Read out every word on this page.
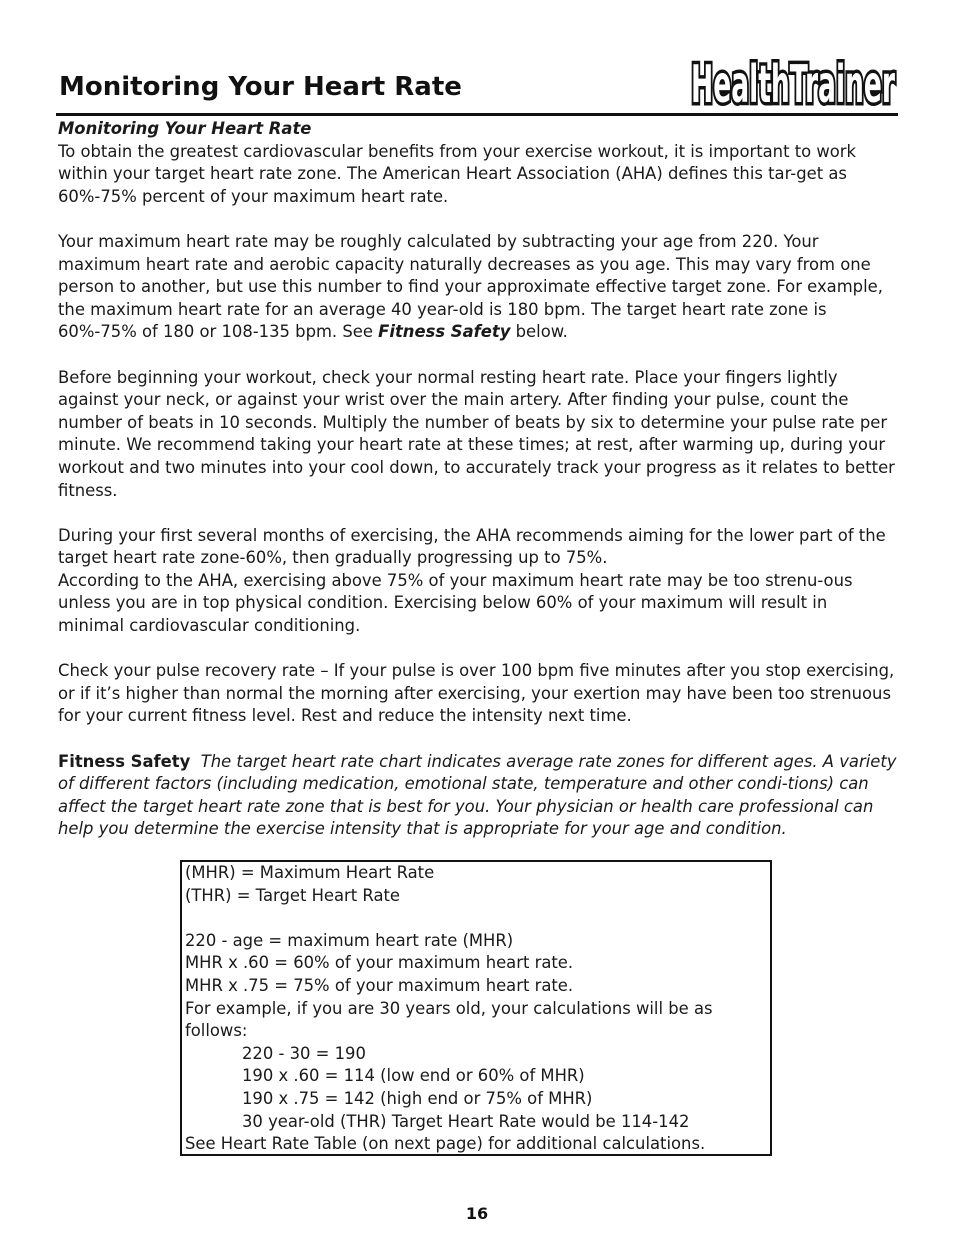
Monitoring Your Heart Rate	HealthTrainer
HealthTrainer

Monitoring Your Heart Rate

To obtain the greatest cardiovascular benefits from your exercise workout, it is important to work within your target heart rate zone. The American Heart Association (AHA) defines this tar-get as 60%-75% percent of your maximum heart rate.

Your maximum heart rate may be roughly calculated by subtracting your age from 220. Your maximum heart rate and aerobic capacity naturally decreases as you age. This may vary from one person to another, but use this number to find your approximate effective target zone. For example, the maximum heart rate for an average 40 year-old is 180 bpm. The target heart rate zone is 60%-75% of 180 or 108-135 bpm. See Fitness Safety below.

Before beginning your workout, check your normal resting heart rate. Place your fingers lightly against your neck, or against your wrist over the main artery. After finding your pulse, count the number of beats in 10 seconds. Multiply the number of beats by six to determine your pulse rate per minute. We recommend taking your heart rate at these times; at rest, after warming up, during your workout and two minutes into your cool down, to accurately track your progress as it relates to better fitness.

During your first several months of exercising, the AHA recommends aiming for the lower part of the target heart rate zone-60%, then gradually progressing up to 75%.

According to the AHA, exercising above 75% of your maximum heart rate may be too strenu-ous unless you are in top physical condition. Exercising below 60% of your maximum will result in minimal cardiovascular conditioning.

Check your pulse recovery rate – If your pulse is over 100 bpm five minutes after you stop exercising, or if it’s higher than normal the morning after exercising, your exertion may have been too strenuous for your current fitness level. Rest and reduce the intensity next time.

Fitness Safety The target heart rate chart indicates average rate zones for different ages. A variety of different factors (including medication, emotional state, temperature and other condi-tions) can affect the target heart rate zone that is best for you. Your physician or health care professional can help you determine the exercise intensity that is appropriate for your age and condition.

(MHR) = Maximum Heart Rate

(THR) = Target Heart Rate

220 - age = maximum heart rate (MHR)

MHR x .60 = 60% of your maximum heart rate.

MHR x .75 = 75% of your maximum heart rate.

For example, if you are 30 years old, your calculations will be as follows:

220 - 30 = 190

190 x .60 = 114 (low end or 60% of MHR)

190 x .75 = 142 (high end or 75% of MHR)

30 year-old (THR) Target Heart Rate would be 114-142

See Heart Rate Table (on next page) for additional calculations.

16
